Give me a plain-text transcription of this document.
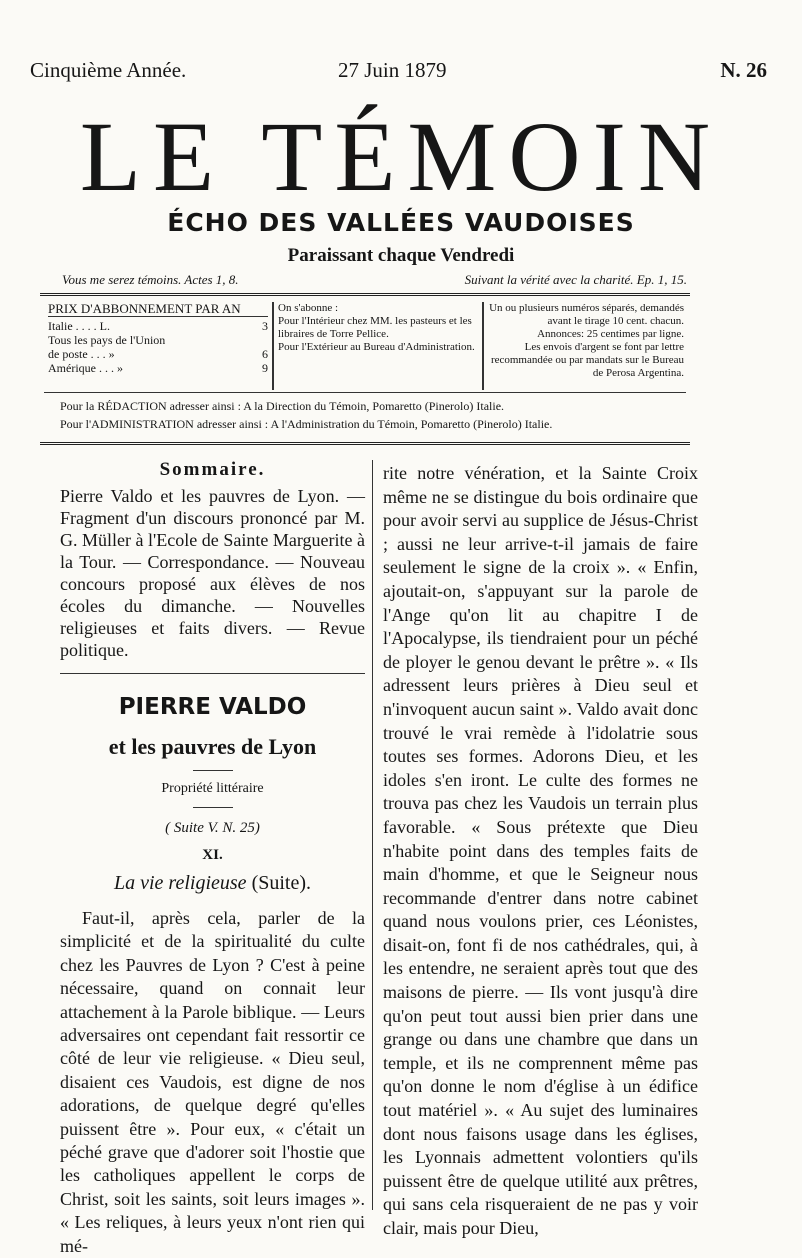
Cinquième Année.	27 Juin 1879	N. 26
LE TÉMOIN
ÉCHO DES VALLÉES VAUDOISES
Paraissant chaque Vendredi
Vous me serez témoins. Actes 1, 8.	Suivant la vérité avec la charité. Ep. 1, 15.
PRIX D'ABBONNEMENT PAR AN
Italie . . . . L.	3
Tous les pays de l'Union
de poste . . . »	6
Amérique . . . »	9
On s'abonne :
Pour l'Intérieur chez MM. les pasteurs et les libraires de Torre Pellice.
Pour l'Extérieur au Bureau d'Administration.
Un ou plusieurs numéros séparés, demandés avant le tirage 10 cent. chacun.
Annonces: 25 centimes par ligne.
Les envois d'argent se font par lettre recommandée ou par mandats sur le Bureau de Perosa Argentina.
Pour la RÉDACTION adresser ainsi : A la Direction du Témoin, Pomaretto (Pinerolo) Italie.
Pour l'ADMINISTRATION adresser ainsi : A l'Administration du Témoin, Pomaretto (Pinerolo) Italie.
Sommaire.
Pierre Valdo et les pauvres de Lyon. — Fragment d'un discours prononcé par M. G. Müller à l'Ecole de Sainte Marguerite à la Tour. — Correspondance. — Nouveau concours proposé aux élèves de nos écoles du dimanche. — Nouvelles religieuses et faits divers. — Revue politique.
PIERRE VALDO
et les pauvres de Lyon
Propriété littéraire
( Suite V. N. 25)
XI.
La vie religieuse (Suite).
Faut-il, après cela, parler de la simplicité et de la spiritualité du culte chez les Pauvres de Lyon ? C'est à peine nécessaire, quand on connait leur attachement à la Parole biblique. — Leurs adversaires ont cependant fait ressortir ce côté de leur vie religieuse. « Dieu seul, disaient ces Vaudois, est digne de nos adorations, de quelque degré qu'elles puissent être ». Pour eux, « c'était un péché grave que d'adorer soit l'hostie que les catholiques appellent le corps de Christ, soit les saints, soit leurs images ». « Les reliques, à leurs yeux n'ont rien qui mé-

rite notre vénération, et la Sainte Croix même ne se distingue du bois ordinaire que pour avoir servi au supplice de Jésus-Christ ; aussi ne leur arrive-t-il jamais de faire seulement le signe de la croix ». « Enfin, ajoutait-on, s'appuyant sur la parole de l'Ange qu'on lit au chapitre I de l'Apocalypse, ils tiendraient pour un péché de ployer le genou devant le prêtre ». « Ils adressent leurs prières à Dieu seul et n'invoquent aucun saint ». Valdo avait donc trouvé le vrai remède à l'idolatrie sous toutes ses formes. Adorons Dieu, et les idoles s'en iront. Le culte des formes ne trouva pas chez les Vaudois un terrain plus favorable. « Sous prétexte que Dieu n'habite point dans des temples faits de main d'homme, et que le Seigneur nous recommande d'entrer dans notre cabinet quand nous voulons prier, ces Léonistes, disait-on, font fi de nos cathédrales, qui, à les entendre, ne seraient après tout que des maisons de pierre. — Ils vont jusqu'à dire qu'on peut tout aussi bien prier dans une grange ou dans une chambre que dans un temple, et ils ne comprennent même pas qu'on donne le nom d'église à un édifice tout matériel ». « Au sujet des luminaires dont nous faisons usage dans les églises, les Lyonnais admettent volontiers qu'ils puissent être de quelque utilité aux prêtres, qui sans cela risqueraient de ne pas y voir clair, mais pour Dieu,
